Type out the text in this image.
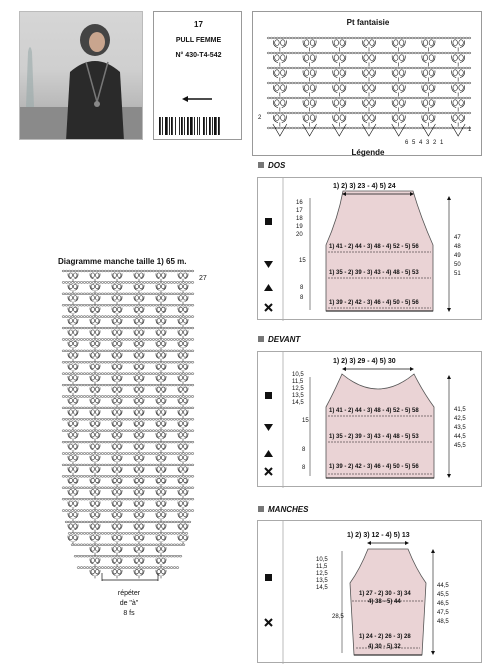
17
PULL FEMME
N° 430-T4-542
Pt fantaisie
2
1
6 5 4 3 2 1
Légende
Diagramme manche taille 1) 65 m.
27
répéter
de "à"
8 fs
DOS
1) 2) 3) 23 - 4) 5) 24
16
17
18
19
20
15
8
8
1) 41 - 2) 44 - 3) 48 - 4) 52 - 5) 56
1) 35 - 2) 39 - 3) 43 - 4) 48 - 5) 53
1) 39 - 2) 42 - 3) 46 - 4) 50 - 5) 56
47
48
49
50
51
DEVANT
1) 2) 3) 29 - 4) 5) 30
10,5
11,5
12,5
13,5
14,5
15
8
8
1) 41 - 2) 44 - 3) 48 - 4) 52 - 5) 58
1) 35 - 2) 39 - 3) 43 - 4) 48 - 5) 53
1) 39 - 2) 42 - 3) 46 - 4) 50 - 5) 56
41,5
42,5
43,5
44,5
45,5
MANCHES
1) 2) 3) 12 - 4) 5) 13
10,5
11,5
12,5
13,5
14,5
28,5
1) 27 - 2) 30 - 3) 34
4) 38 - 5) 44
1) 24 - 2) 26 - 3) 28
4) 30 - 5) 32
44,5
45,5
46,5
47,5
48,5
